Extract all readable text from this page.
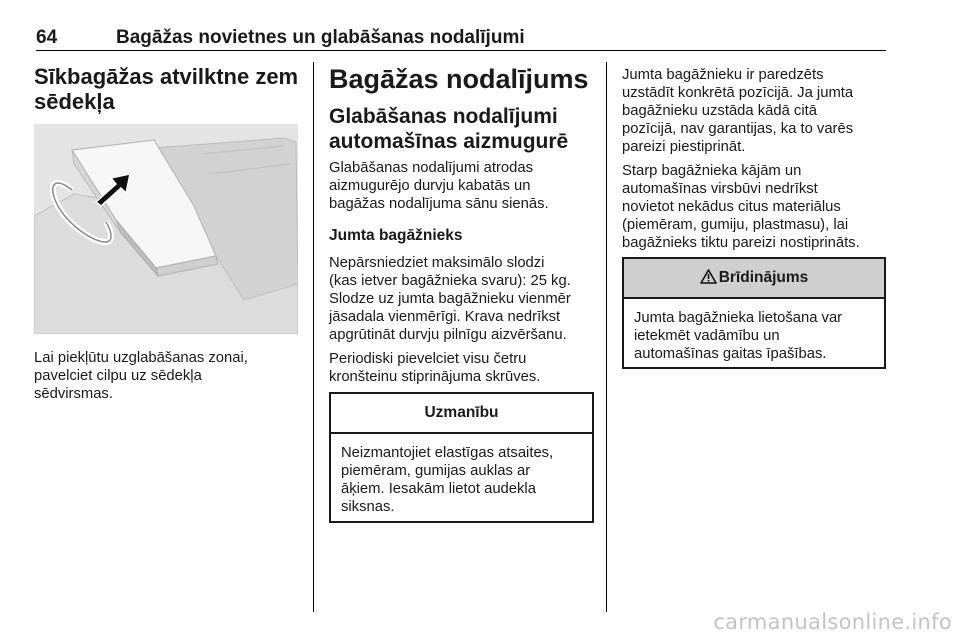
64	Bagāžas novietnes un glabāšanas nodalījumi
Sīkbagāžas atvilktne zem
sēdekļa

Lai piekļūtu uzglabāšanas zonai,
pavelciet cilpu uz sēdekļa
sēdvirsmas.

Bagāžas nodalījums
Glabāšanas nodalījumi
automašīnas aizmugurē

Glabāšanas nodalījumi atrodas
aizmugurējo durvju kabatās un
bagāžas nodalījuma sānu sienās.

Jumta bagāžnieks

Nepārsniedziet maksimālo slodzi
(kas ietver bagāžnieka svaru): 25 kg.
Slodze uz jumta bagāžnieku vienmēr
jāsadala vienmērīgi. Krava nedrīkst
apgrūtināt durvju pilnīgu aizvēršanu.

Periodiski pievelciet visu četru
kronšteinu stiprinājuma skrūves.

Uzmanību
Neizmantojiet elastīgas atsaites,
piemēram, gumijas auklas ar
āķiem. Iesakām lietot audekla
siksnas.

Jumta bagāžnieku ir paredzēts
uzstādīt konkrētā pozīcijā. Ja jumta
bagāžnieku uzstāda kādā citā
pozīcijā, nav garantijas, ka to varēs
pareizi piestiprināt.

Starp bagāžnieka kājām un
automašīnas virsbūvi nedrīkst
novietot nekādus citus materiālus
(piemēram, gumiju, plastmasu), lai
bagāžnieks tiktu pareizi nostiprināts.

Brīdinājums
Jumta bagāžnieka lietošana var
ietekmēt vadāmību un
automašīnas gaitas īpašības.
carmanualsonline.info
